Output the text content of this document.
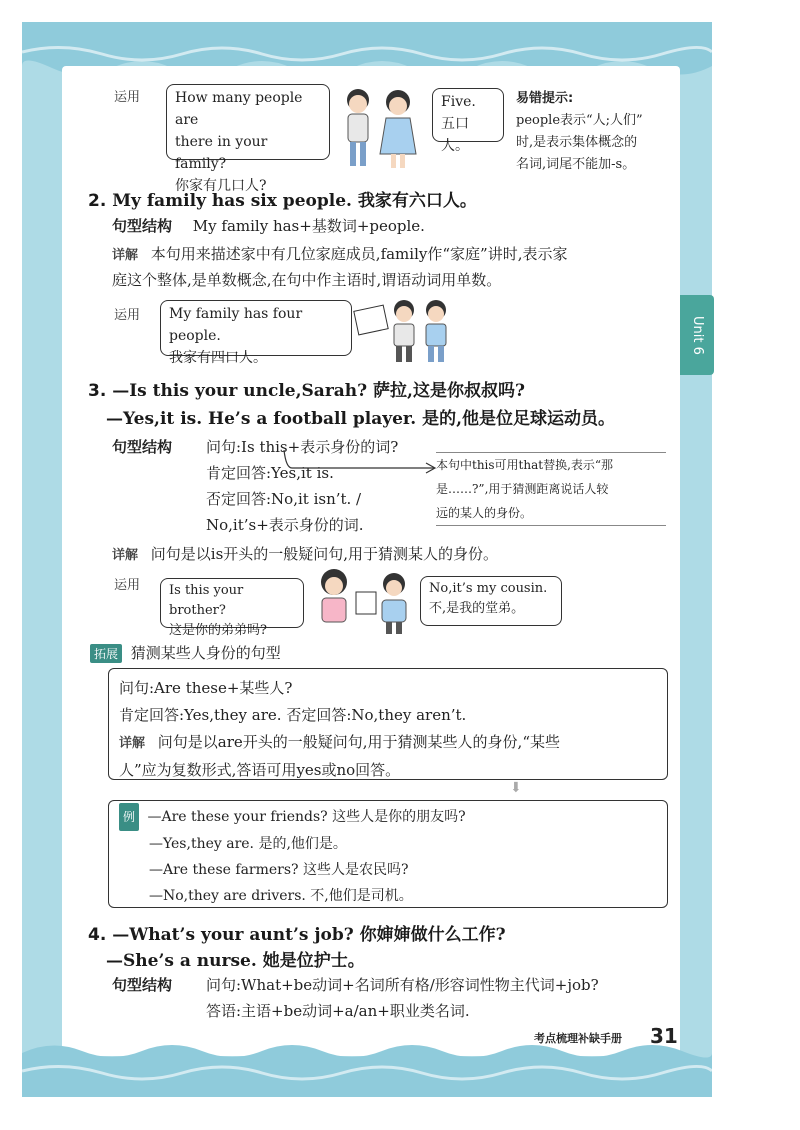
Unit 6
运用 How many people are
there in your family?
你家有几口人?
Five.
五口人。
易错提示:
people表示“人;人们”
时,是表示集体概念的
名词,词尾不能加-s。
2. My family has six people. 我家有六口人。
句型结构 My family has+基数词+people.
详解 本句用来描述家中有几位家庭成员,family作“家庭”讲时,表示家
庭这个整体,是单数概念,在句中作主语时,谓语动词用单数。
运用 My family has four people.
我家有四口人。
3. —Is this your uncle,Sarah? 萨拉,这是你叔叔吗?
—Yes,it is. He’s a football player. 是的,他是位足球运动员。
句型结构 问句:Is this+表示身份的词?
肯定回答:Yes,it is.
否定回答:No,it isn’t. /
No,it’s+表示身份的词.
本句中this可用that替换,表示“那
是……?”,用于猜测距离说话人较
远的某人的身份。
详解 问句是以is开头的一般疑问句,用于猜测某人的身份。
运用 Is this your brother?
这是你的弟弟吗?
No,it’s my cousin.
不,是我的堂弟。
拓展 猜测某些人身份的句型
问句:Are these+某些人?
肯定回答:Yes,they are. 否定回答:No,they aren’t.
详解 问句是以are开头的一般疑问句,用于猜测某些人的身份,“某些
人”应为复数形式,答语可用yes或no回答。
⬇
例 —Are these your friends? 这些人是你的朋友吗?
—Yes,they are. 是的,他们是。
—Are these farmers? 这些人是农民吗?
—No,they are drivers. 不,他们是司机。
4. —What’s your aunt’s job? 你婶婶做什么工作?
—She’s a nurse. 她是位护士。
句型结构 问句:What+be动词+名词所有格/形容词性物主代词+job?
答语:主语+be动词+a/an+职业类名词.
考点梳理补缺手册 31
